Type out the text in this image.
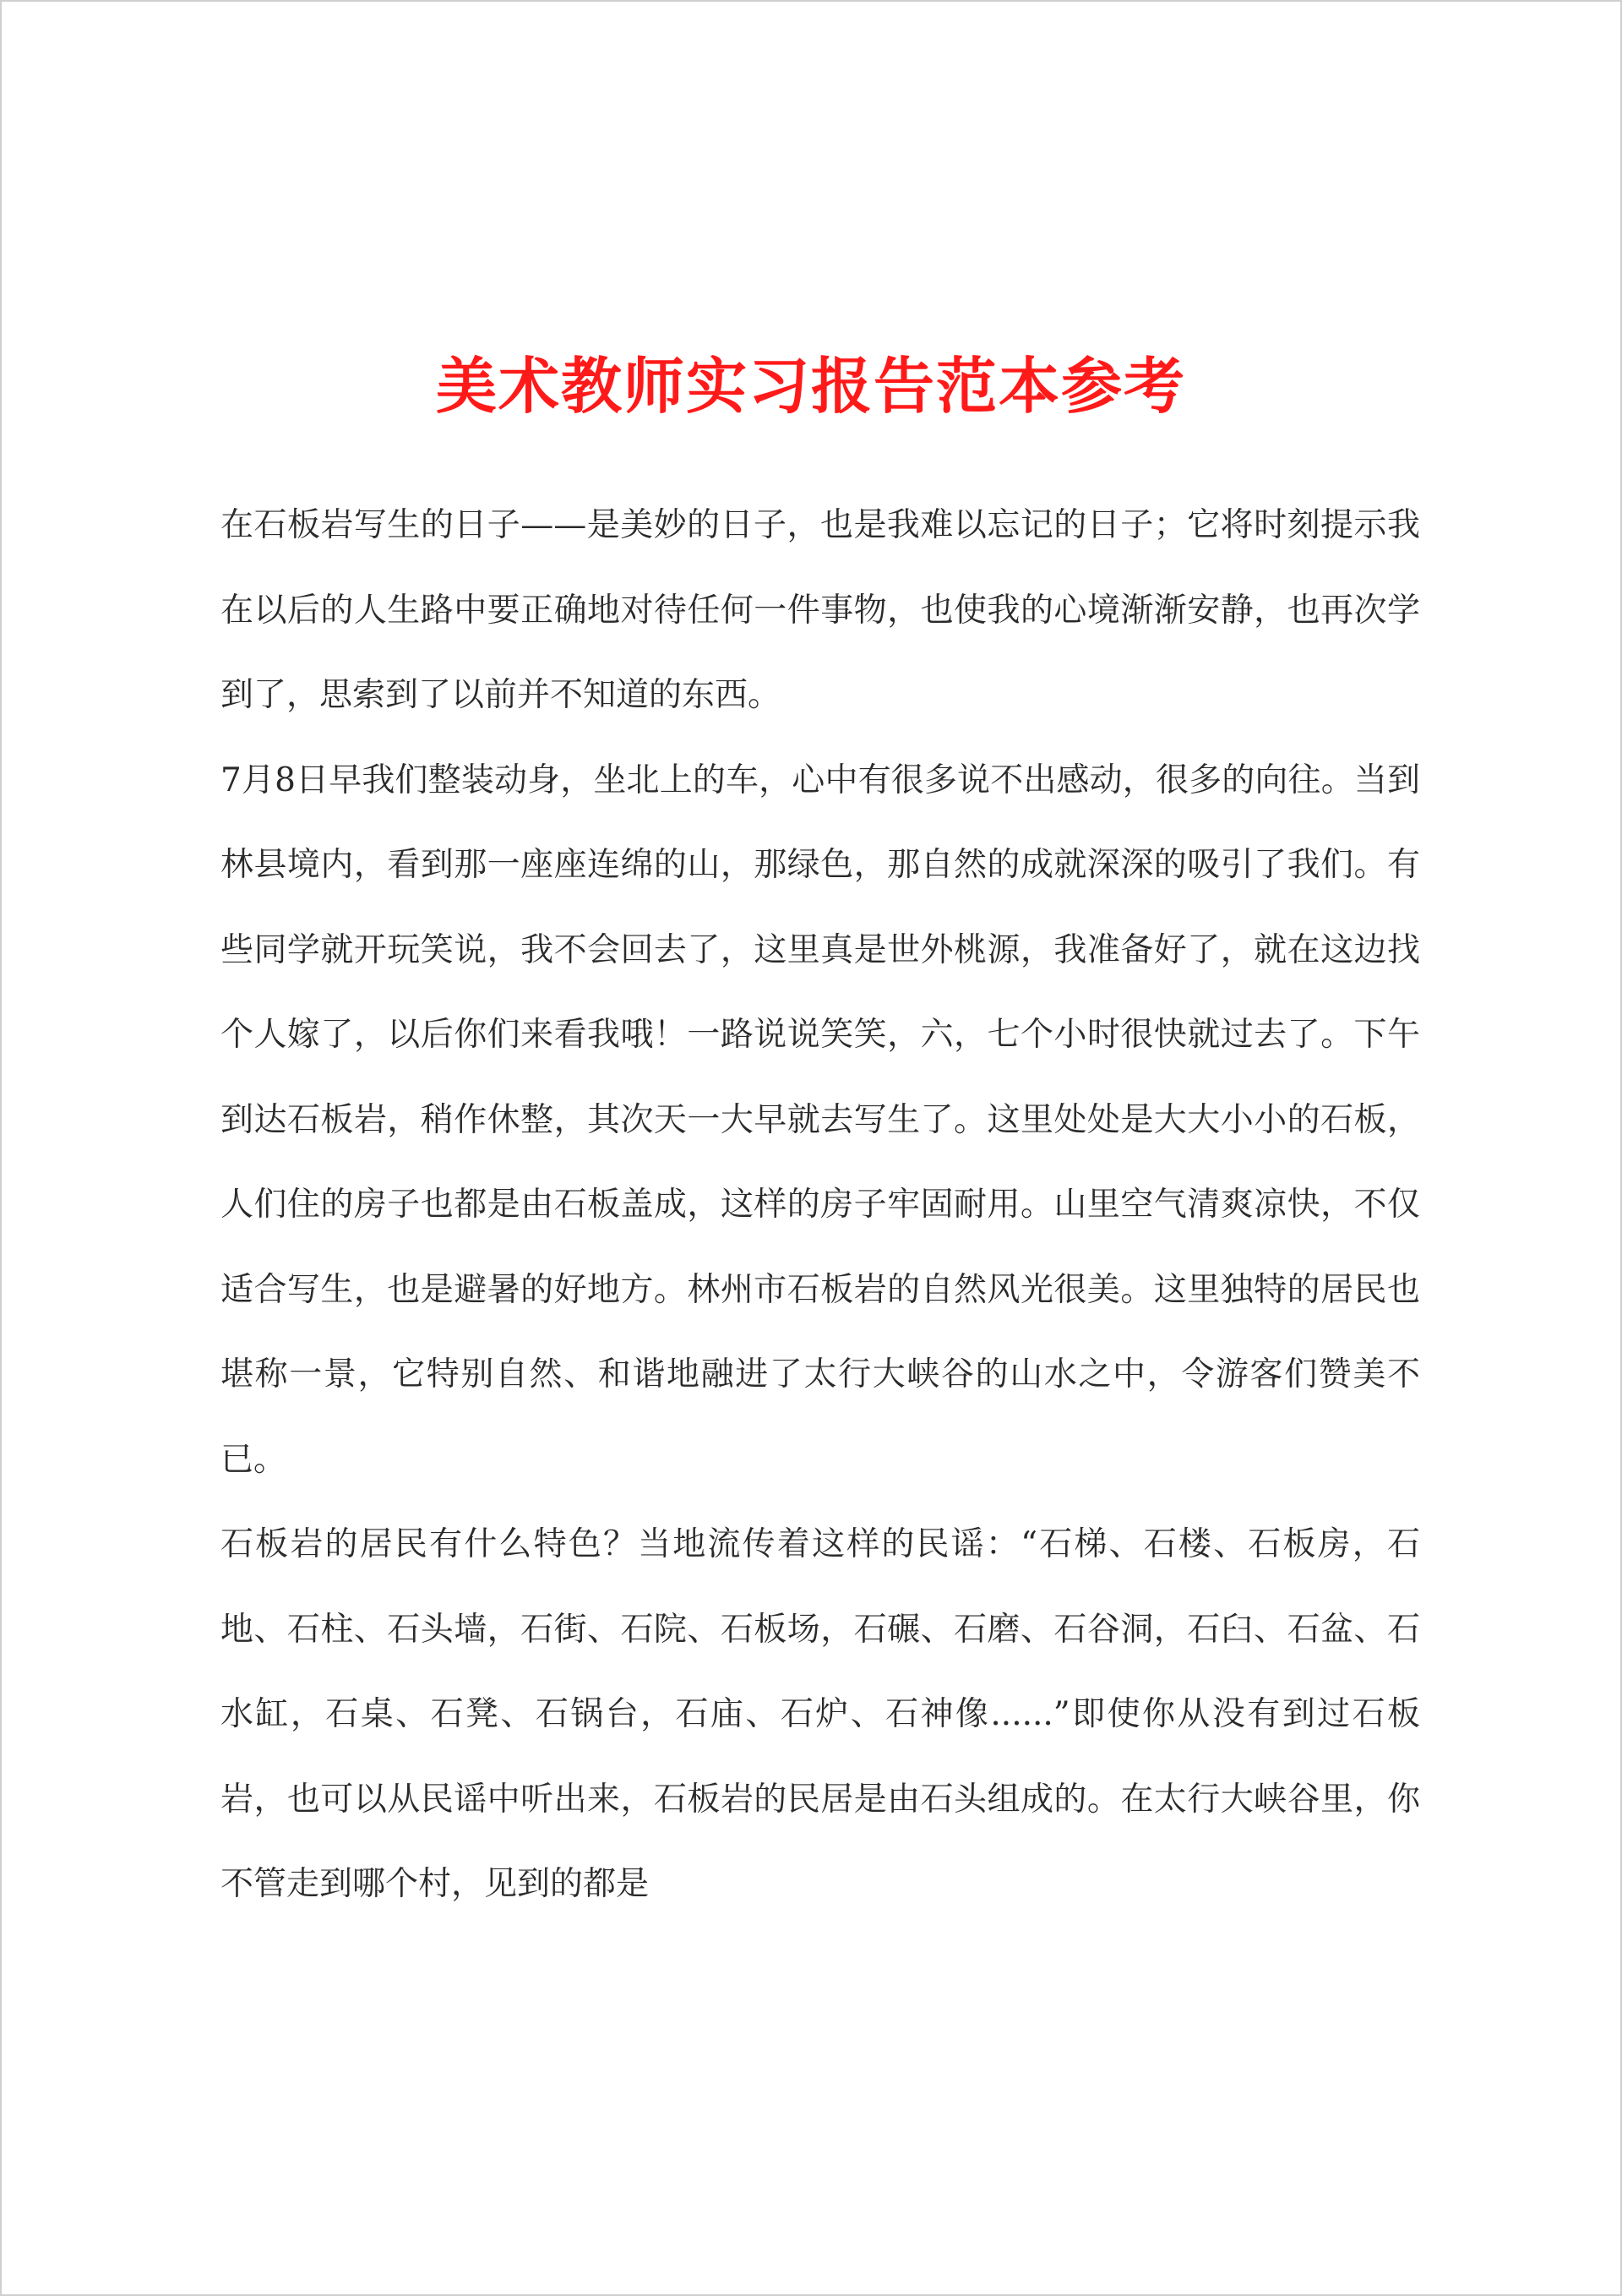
美术教师实习报告范本参考

在石板岩写生的日子——是美妙的日子，也是我难以忘记的日子；它将时刻提示我在以后的人生路中要正确地对待任何一件事物，也使我的心境渐渐安静，也再次学到了，思索到了以前并不知道的东西。

7月8日早我们整装动身，坐北上的车，心中有很多说不出感动，很多的向往。当到林县境内，看到那一座座连绵的山，那绿色，那自然的成就深深的吸引了我们。有些同学就开玩笑说，我不会回去了，这里真是世外桃源，我准备好了，就在这边找个人嫁了，以后你们来看我哦！一路说说笑笑，六，七个小时很快就过去了。下午到达石板岩，稍作休整，其次天一大早就去写生了。这里处处是大大小小的石板，人们住的房子也都是由石板盖成，这样的房子牢固耐用。山里空气清爽凉快，不仅适合写生，也是避暑的好地方。林州市石板岩的自然风光很美。这里独特的居民也堪称一景，它特别自然、和谐地融进了太行大峡谷的山水之中，令游客们赞美不已。

石板岩的居民有什么特色？当地流传着这样的民谣：“石梯、石楼、石板房，石地、石柱、石头墙，石街、石院、石板场，石碾、石磨、石谷洞，石臼、石盆、石水缸，石桌、石凳、石锅台，石庙、石炉、石神像......”即使你从没有到过石板岩，也可以从民谣中听出来，石板岩的民居是由石头组成的。在太行大峡谷里，你不管走到哪个村，见到的都是
